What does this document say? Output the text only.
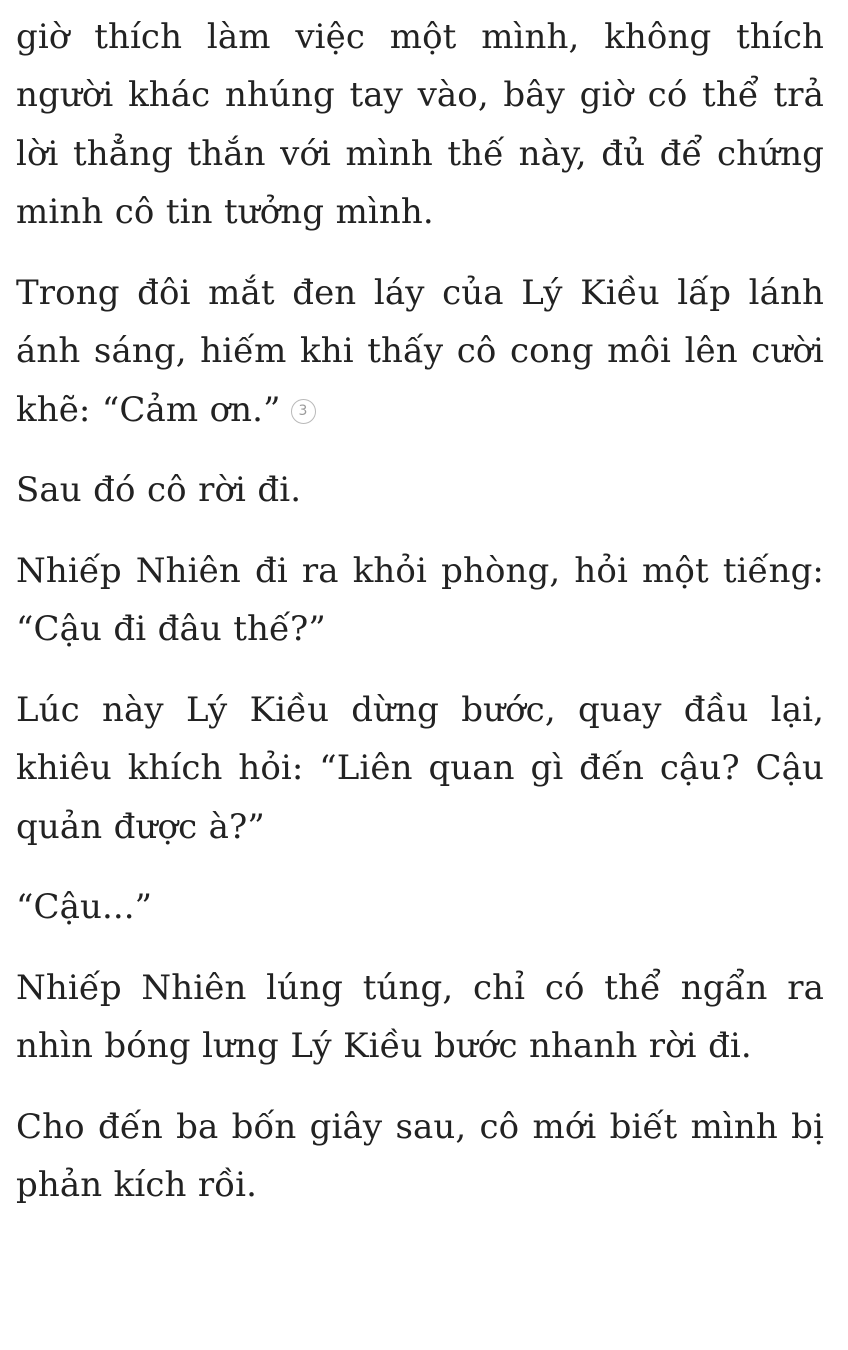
giờ thích làm việc một mình, không thích người khác nhúng tay vào, bây giờ có thể trả lời thẳng thắn với mình thế này, đủ để chứng minh cô tin tưởng mình.

Trong đôi mắt đen láy của Lý Kiều lấp lánh ánh sáng, hiếm khi thấy cô cong môi lên cười khẽ: “Cảm ơn.” 3

Sau đó cô rời đi.

Nhiếp Nhiên đi ra khỏi phòng, hỏi một tiếng: “Cậu đi đâu thế?”

Lúc này Lý Kiều dừng bước, quay đầu lại, khiêu khích hỏi: “Liên quan gì đến cậu? Cậu quản được à?”

“Cậu...”

Nhiếp Nhiên lúng túng, chỉ có thể ngẩn ra nhìn bóng lưng Lý Kiều bước nhanh rời đi.

Cho đến ba bốn giây sau, cô mới biết mình bị phản kích rồi.
